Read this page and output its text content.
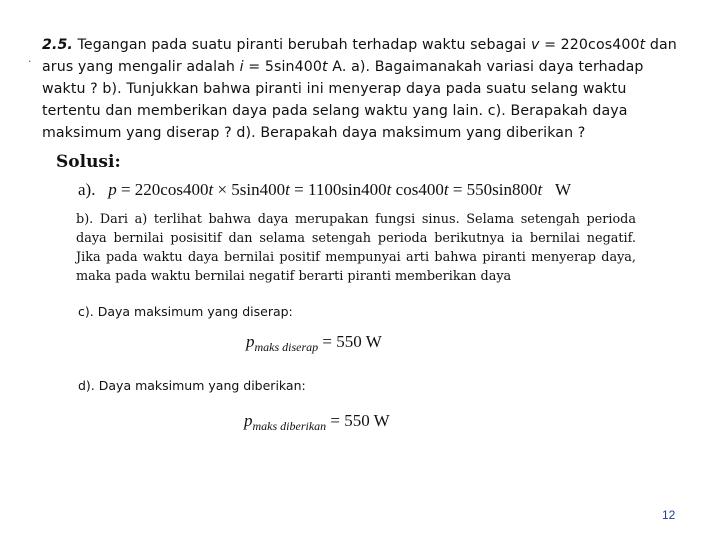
.
2.5. Tegangan pada suatu piranti berubah terhadap waktu sebagai v = 220cos400t dan arus yang mengalir adalah i = 5sin400t A. a). Bagaimanakah variasi daya terhadap waktu ? b). Tunjukkan bahwa piranti ini menyerap daya pada suatu selang waktu tertentu dan memberikan daya pada selang waktu yang lain. c). Berapakah daya maksimum yang diserap ? d). Berapakah daya maksimum yang diberikan ?
Solusi:
a). p = 220cos400t × 5sin400t = 1100sin400t cos400t = 550sin800t W
b). Dari a) terlihat bahwa daya merupakan fungsi sinus. Selama setengah perioda daya bernilai posisitif dan selama setengah perioda berikutnya ia bernilai negatif. Jika pada waktu daya bernilai positif mempunyai arti bahwa piranti menyerap daya, maka pada waktu bernilai negatif berarti piranti memberikan daya
c). Daya maksimum yang diserap:
$p_{maks diserap} = 550$ W
d). Daya maksimum yang diberikan:
$p_{maks diberikan} = 550$ W
12
